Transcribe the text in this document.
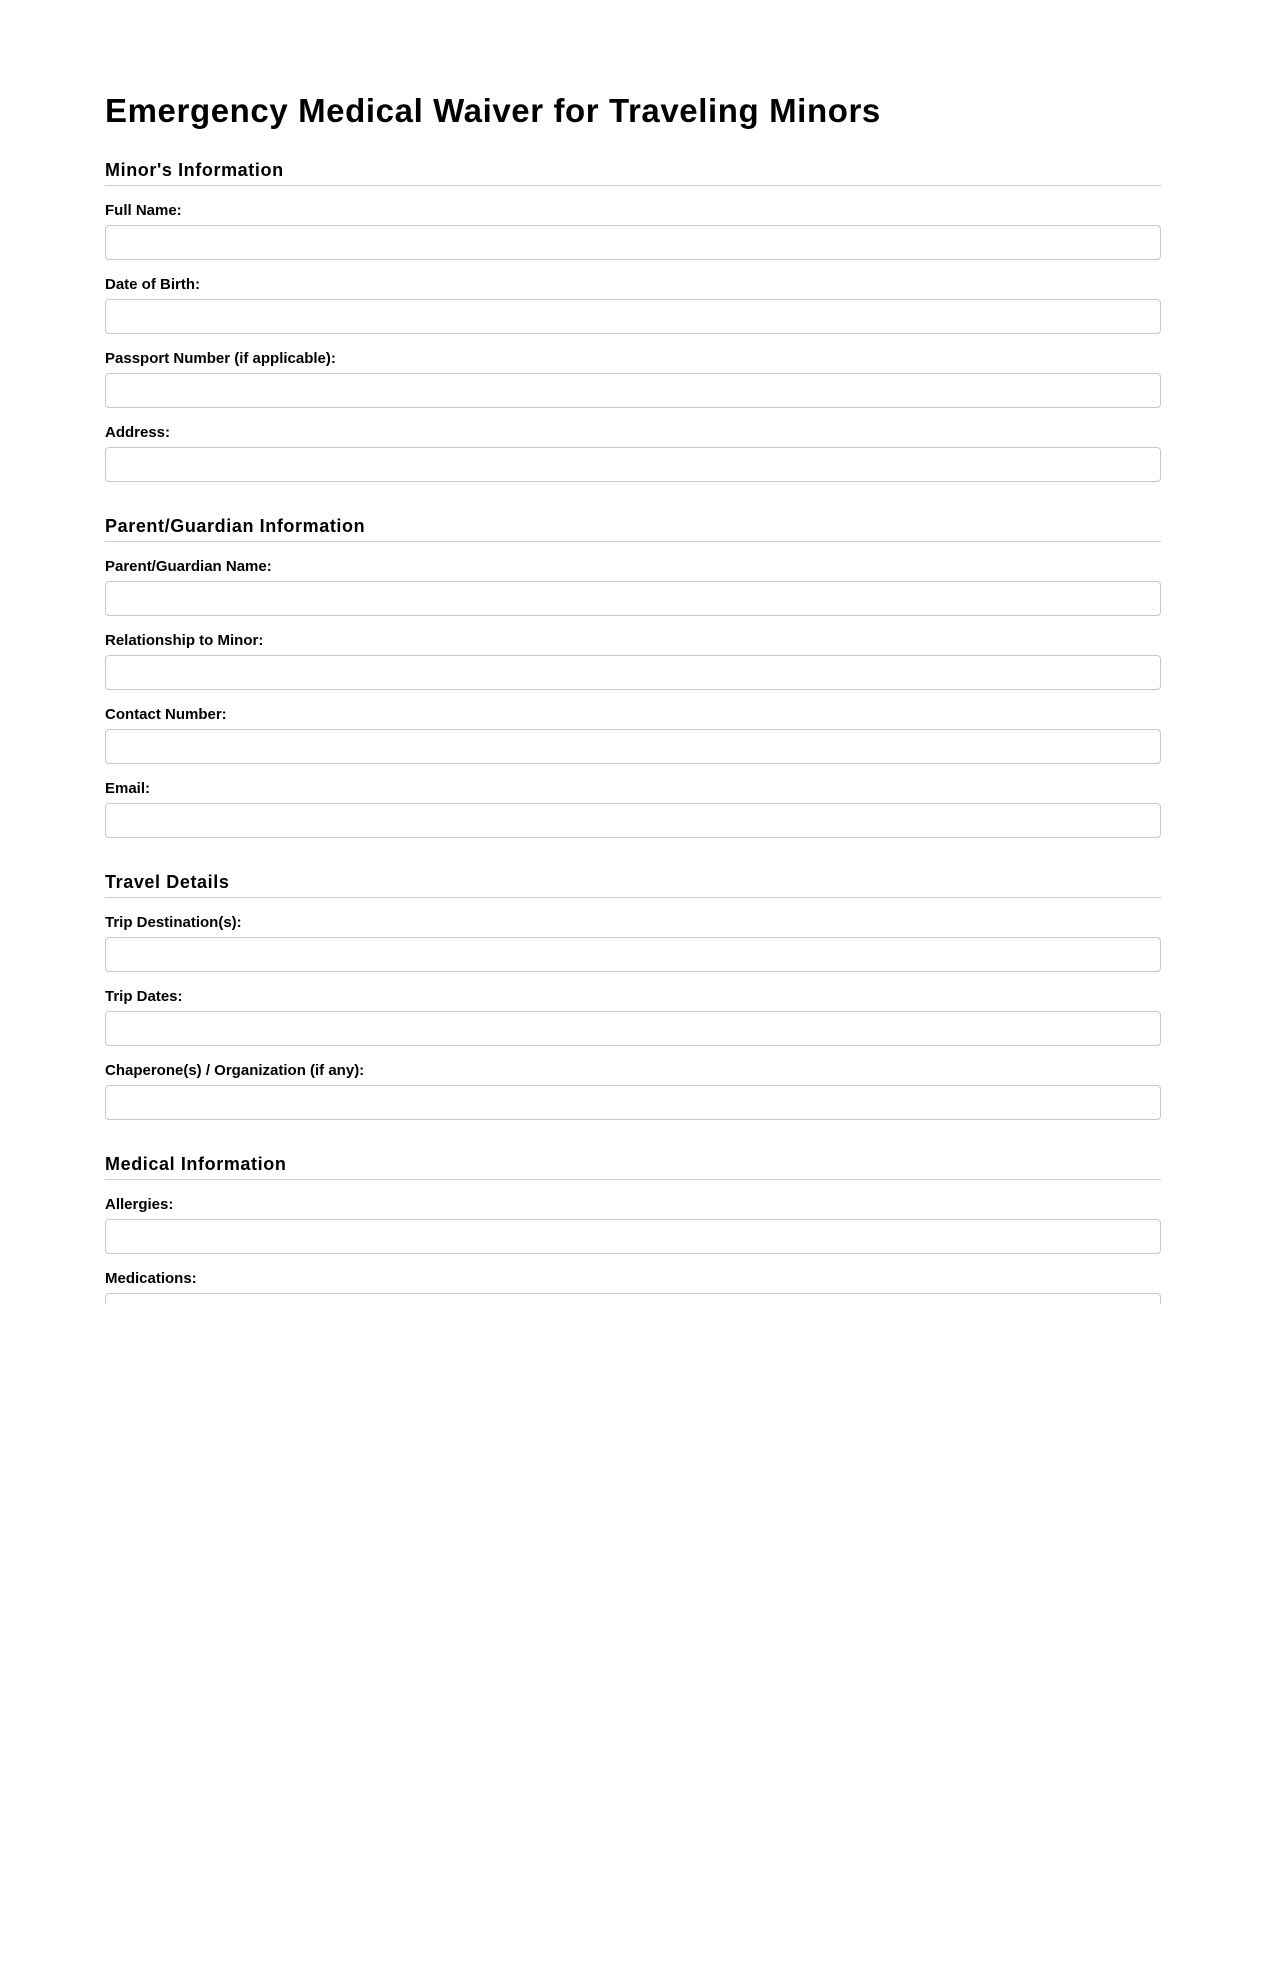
Emergency Medical Waiver for Traveling Minors
Minor's Information
Full Name:
Date of Birth:
Passport Number (if applicable):
Address:
Parent/Guardian Information
Parent/Guardian Name:
Relationship to Minor:
Contact Number:
Email:
Travel Details
Trip Destination(s):
Trip Dates:
Chaperone(s) / Organization (if any):
Medical Information
Allergies:
Medications:
